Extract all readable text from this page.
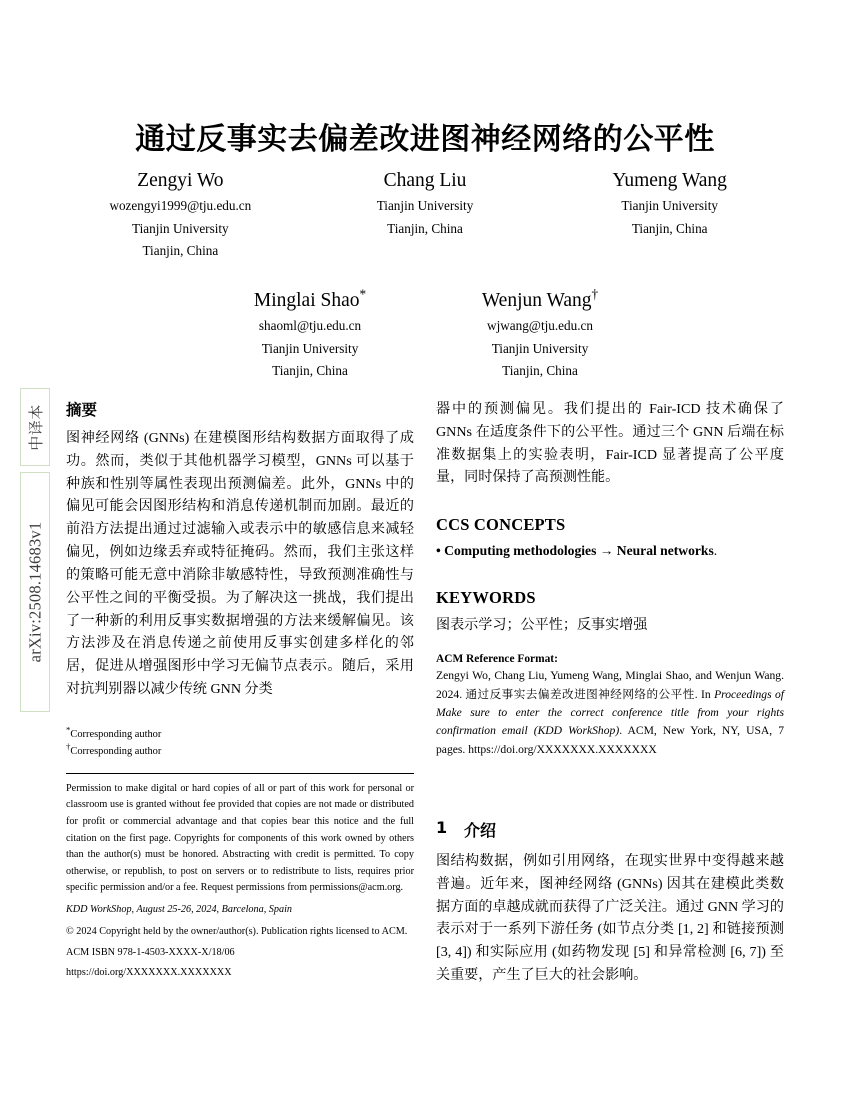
中译本
arXiv:2508.14683v1
通过反事实去偏差改进图神经网络的公平性
Zengyi Wo
wozengyi1999@tju.edu.cn
Tianjin University
Tianjin, China
Chang Liu
Tianjin University
Tianjin, China
Yumeng Wang
Tianjin University
Tianjin, China
Minglai Shao*
shaoml@tju.edu.cn
Tianjin University
Tianjin, China
Wenjun Wang†
wjwang@tju.edu.cn
Tianjin University
Tianjin, China
摘要

图神经网络 (GNNs) 在建模图形结构数据方面取得了成功。然而，类似于其他机器学习模型，GNNs 可以基于种族和性别等属性表现出预测偏差。此外，GNNs 中的偏见可能会因图形结构和消息传递机制而加剧。最近的前沿方法提出通过过滤输入或表示中的敏感信息来减轻偏见，例如边缘丢弃或特征掩码。然而，我们主张这样的策略可能无意中消除非敏感特性，导致预测准确性与公平性之间的平衡受损。为了解决这一挑战，我们提出了一种新的利用反事实数据增强的方法来缓解偏见。该方法涉及在消息传递之前使用反事实创建多样化的邻居，促进从增强图形中学习无偏节点表示。随后，采用对抗判别器以减少传统 GNN 分类

器中的预测偏见。我们提出的 Fair-ICD 技术确保了 GNNs 在适度条件下的公平性。通过三个 GNN 后端在标准数据集上的实验表明，Fair-ICD 显著提高了公平度量，同时保持了高预测性能。

CCS CONCEPTS

• Computing methodologies → Neural networks.

KEYWORDS

图表示学习；公平性；反事实增强

ACM Reference Format:

Zengyi Wo, Chang Liu, Yumeng Wang, Minglai Shao, and Wenjun Wang. 2024. 通过反事实去偏差改进图神经网络的公平性. In Proceedings of Make sure to enter the correct conference title from your rights confirmation email (KDD WorkShop). ACM, New York, NY, USA, 7 pages. https://doi.org/XXXXXXX.XXXXXXX

*Corresponding author

†Corresponding author

Permission to make digital or hard copies of all or part of this work for personal or classroom use is granted without fee provided that copies are not made or distributed for profit or commercial advantage and that copies bear this notice and the full citation on the first page. Copyrights for components of this work owned by others than the author(s) must be honored. Abstracting with credit is permitted. To copy otherwise, or republish, to post on servers or to redistribute to lists, requires prior specific permission and/or a fee. Request permissions from permissions@acm.org.

KDD WorkShop, August 25-26, 2024, Barcelona, Spain

© 2024 Copyright held by the owner/author(s). Publication rights licensed to ACM.

ACM ISBN 978-1-4503-XXXX-X/18/06

https://doi.org/XXXXXXX.XXXXXXX

1	介绍

图结构数据，例如引用网络，在现实世界中变得越来越普遍。近年来，图神经网络 (GNNs) 因其在建模此类数据方面的卓越成就而获得了广泛关注。通过 GNN 学习的表示对于一系列下游任务 (如节点分类 [1, 2] 和链接预测 [3, 4]) 和实际应用 (如药物发现 [5] 和异常检测 [6, 7]) 至关重要，产生了巨大的社会影响。
